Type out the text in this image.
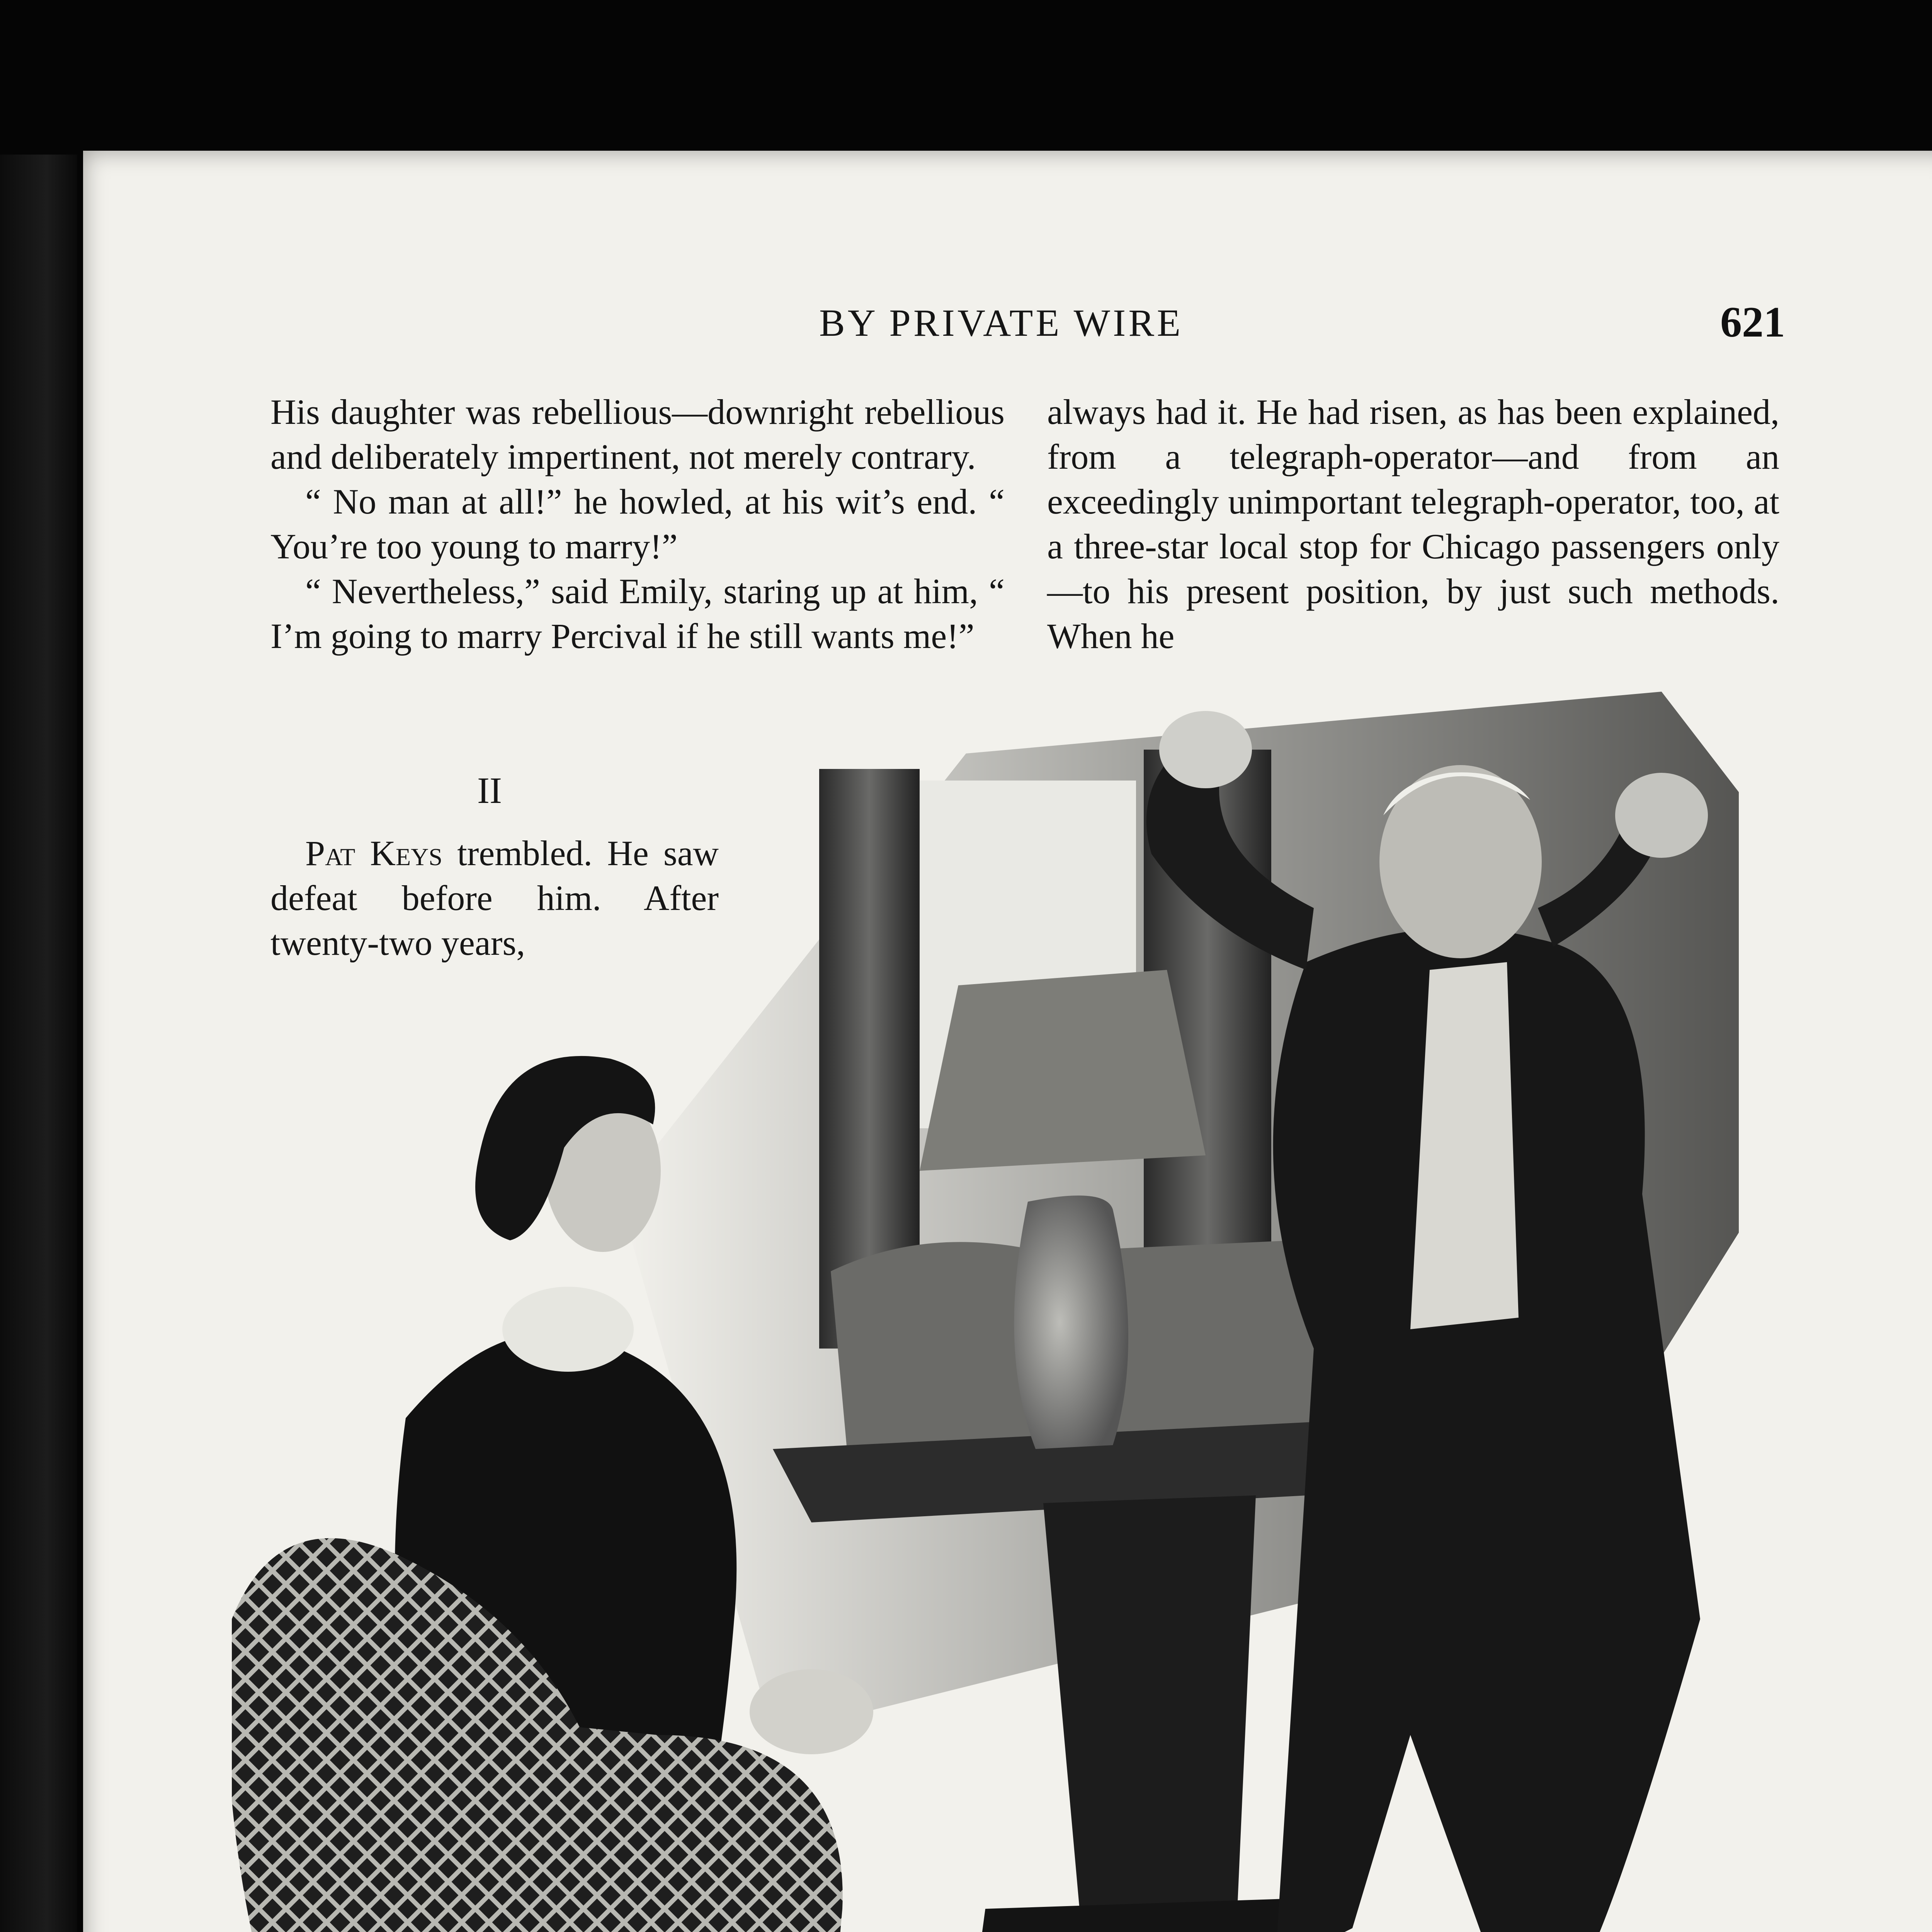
BY PRIVATE WIRE	621

His daughter was rebellious—downright rebellious and deliberately impertinent, not merely contrary.

“ No man at all!” he howled, at his wit’s end. “ You’re too young to marry!”

“ Nevertheless,” said Emily, staring up at him, “ I’m going to marry Percival if he still wants me!”

II

Pat Keys trembled. He saw defeat before him. After twenty-two years,

always had it. He had risen, as has been explained, from a telegraph-operator—and from an exceedingly unimportant telegraph-operator, too, at a three-star local stop for Chicago passengers only—to his present position, by just such methods. When he
